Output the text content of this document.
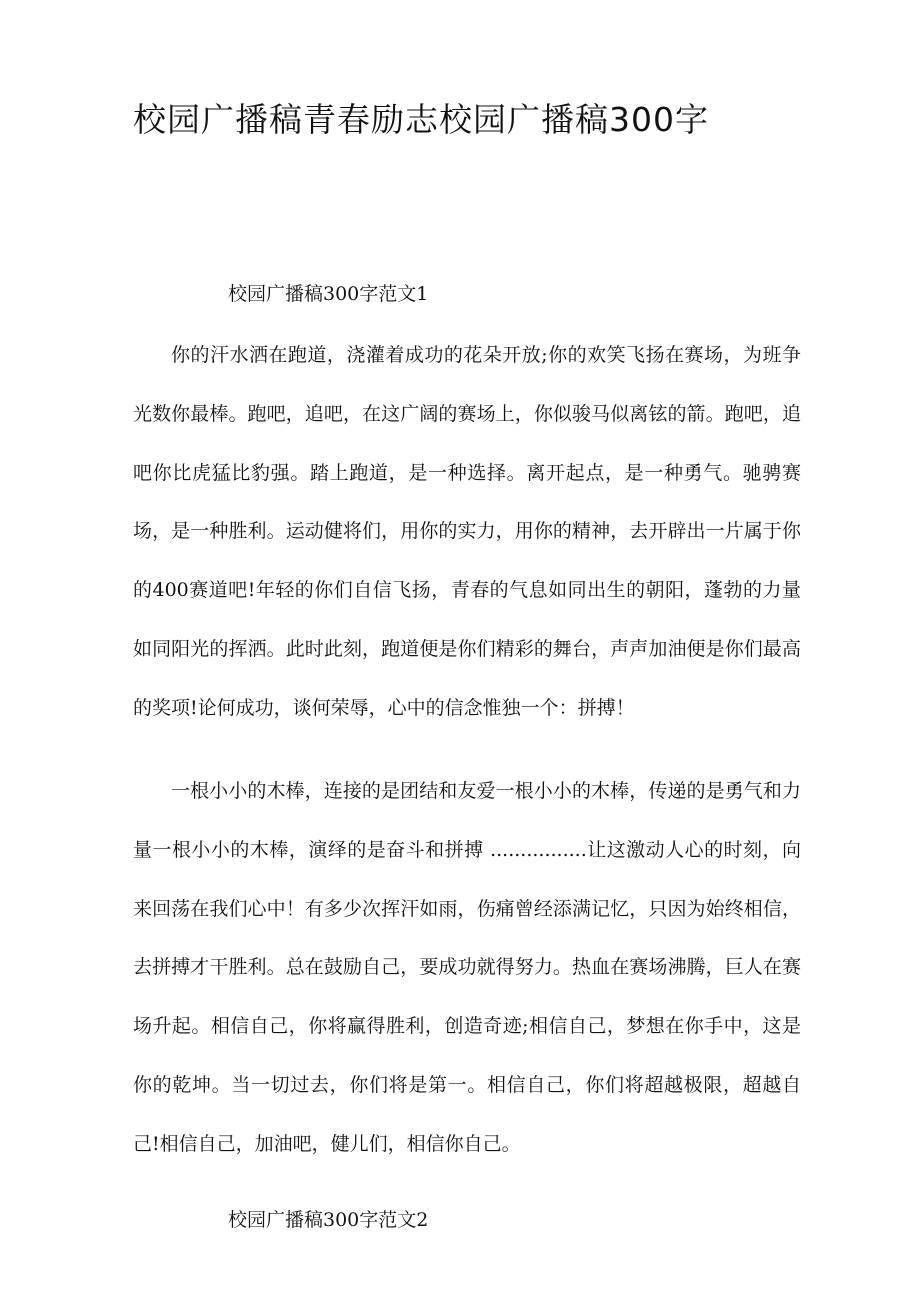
校园广播稿青春励志校园广播稿300字
校园广播稿300字范文1

你的汗水洒在跑道，浇灌着成功的花朵开放;你的欢笑飞扬在赛场，为班争光数你最棒。跑吧，追吧，在这广阔的赛场上，你似骏马似离铉的箭。跑吧，追吧你比虎猛比豹强。踏上跑道，是一种选择。离开起点，是一种勇气。驰骋赛场，是一种胜利。运动健将们，用你的实力，用你的精神，去开辟出一片属于你的400赛道吧!年轻的你们自信飞扬，青春的气息如同出生的朝阳，蓬勃的力量如同阳光的挥洒。此时此刻，跑道便是你们精彩的舞台，声声加油便是你们最高的奖项!论何成功，谈何荣辱，心中的信念惟独一个：拼搏！

一根小小的木棒，连接的是团结和友爱一根小小的木棒，传递的是勇气和力量一根小小的木棒，演绎的是奋斗和拼搏 ................让这激动人心的时刻，向来回荡在我们心中！有多少次挥汗如雨，伤痛曾经添满记忆，只因为始终相信，去拼搏才干胜利。总在鼓励自己，要成功就得努力。热血在赛场沸腾，巨人在赛场升起。相信自己，你将赢得胜利，创造奇迹;相信自己，梦想在你手中，这是你的乾坤。当一切过去，你们将是第一。相信自己，你们将超越极限，超越自己!相信自己，加油吧，健儿们，相信你自己。

校园广播稿300字范文2
